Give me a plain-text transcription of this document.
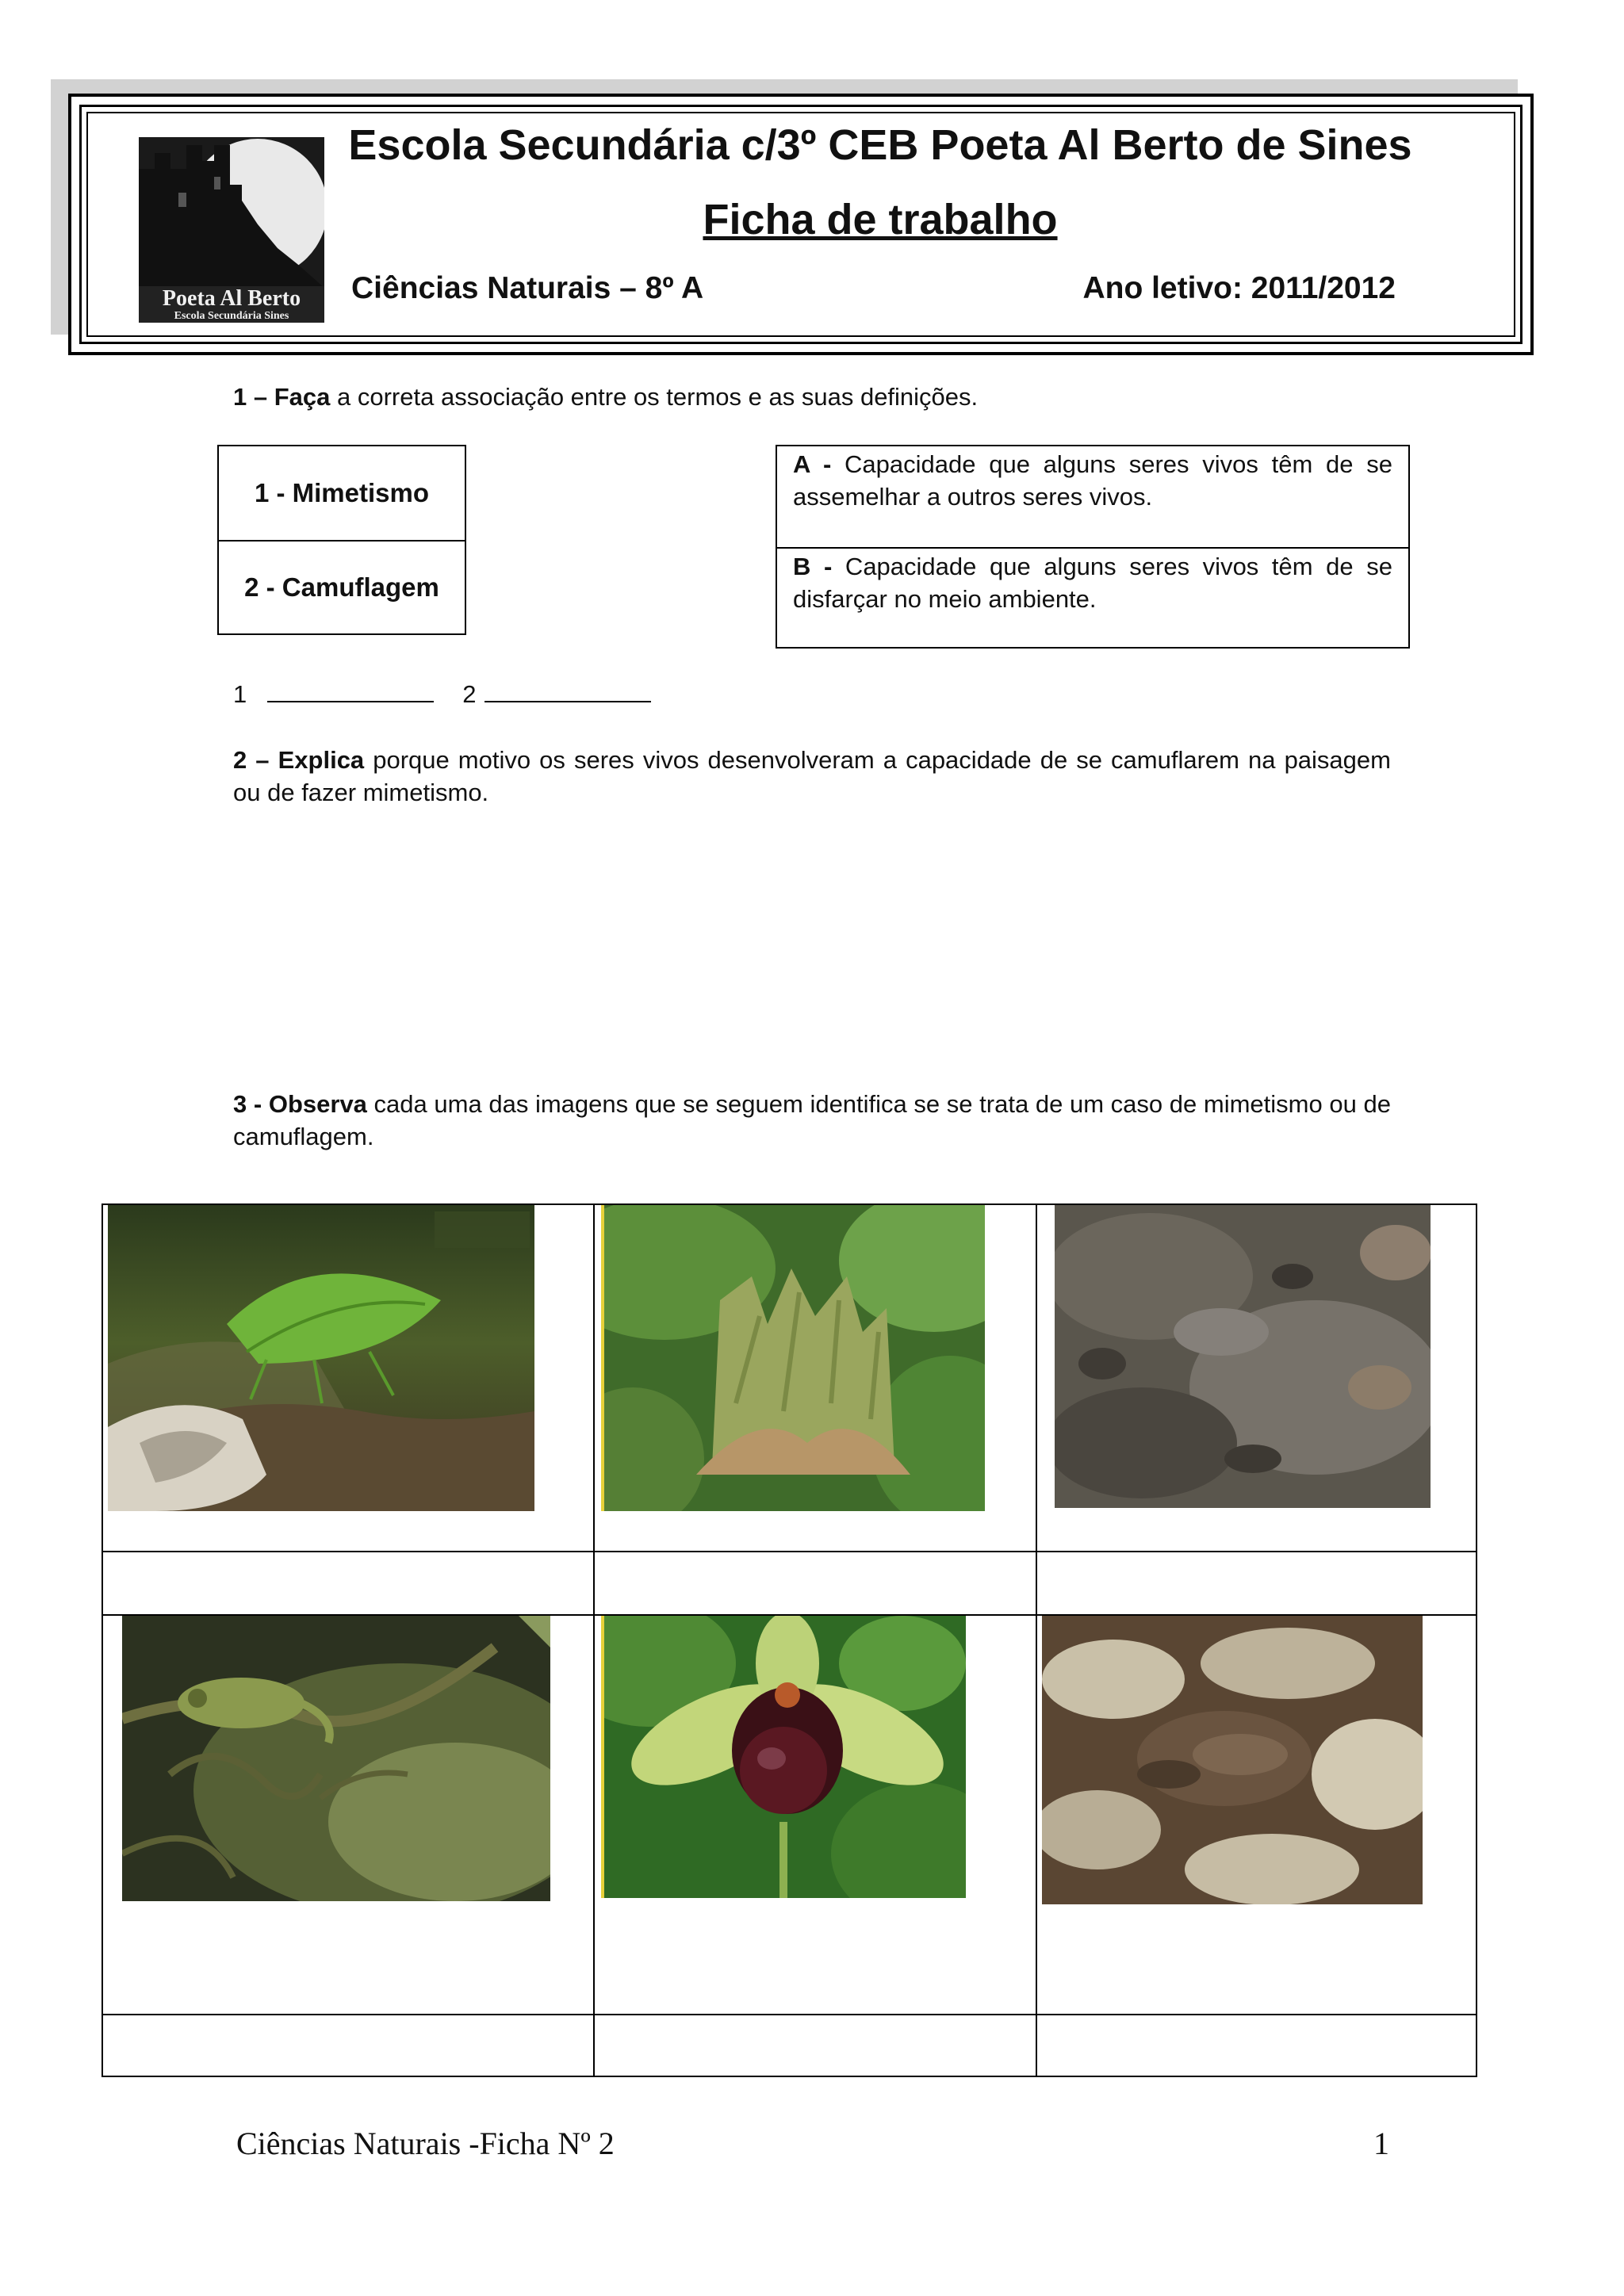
Poeta Al Berto
Escola Secundária Sines
Escola Secundária c/3º CEB Poeta Al Berto de Sines
Ficha de trabalho
Ciências Naturais – 8º A	Ano letivo: 2011/2012
1 – Faça a correta associação entre os termos e as suas definições.
1 - Mimetismo
2 - Camuflagem
A - Capacidade que alguns seres vivos têm de se assemelhar a outros seres vivos.
B - Capacidade que alguns seres vivos têm de se disfarçar no meio ambiente.
1	2
2 – Explica porque motivo os seres vivos desenvolveram a capacidade de se camuflarem na paisagem ou de fazer mimetismo.
3 - Observa cada uma das imagens que se seguem identifica se se trata de um caso de mimetismo ou de camuflagem.
Ciências Naturais -Ficha Nº 2	1
